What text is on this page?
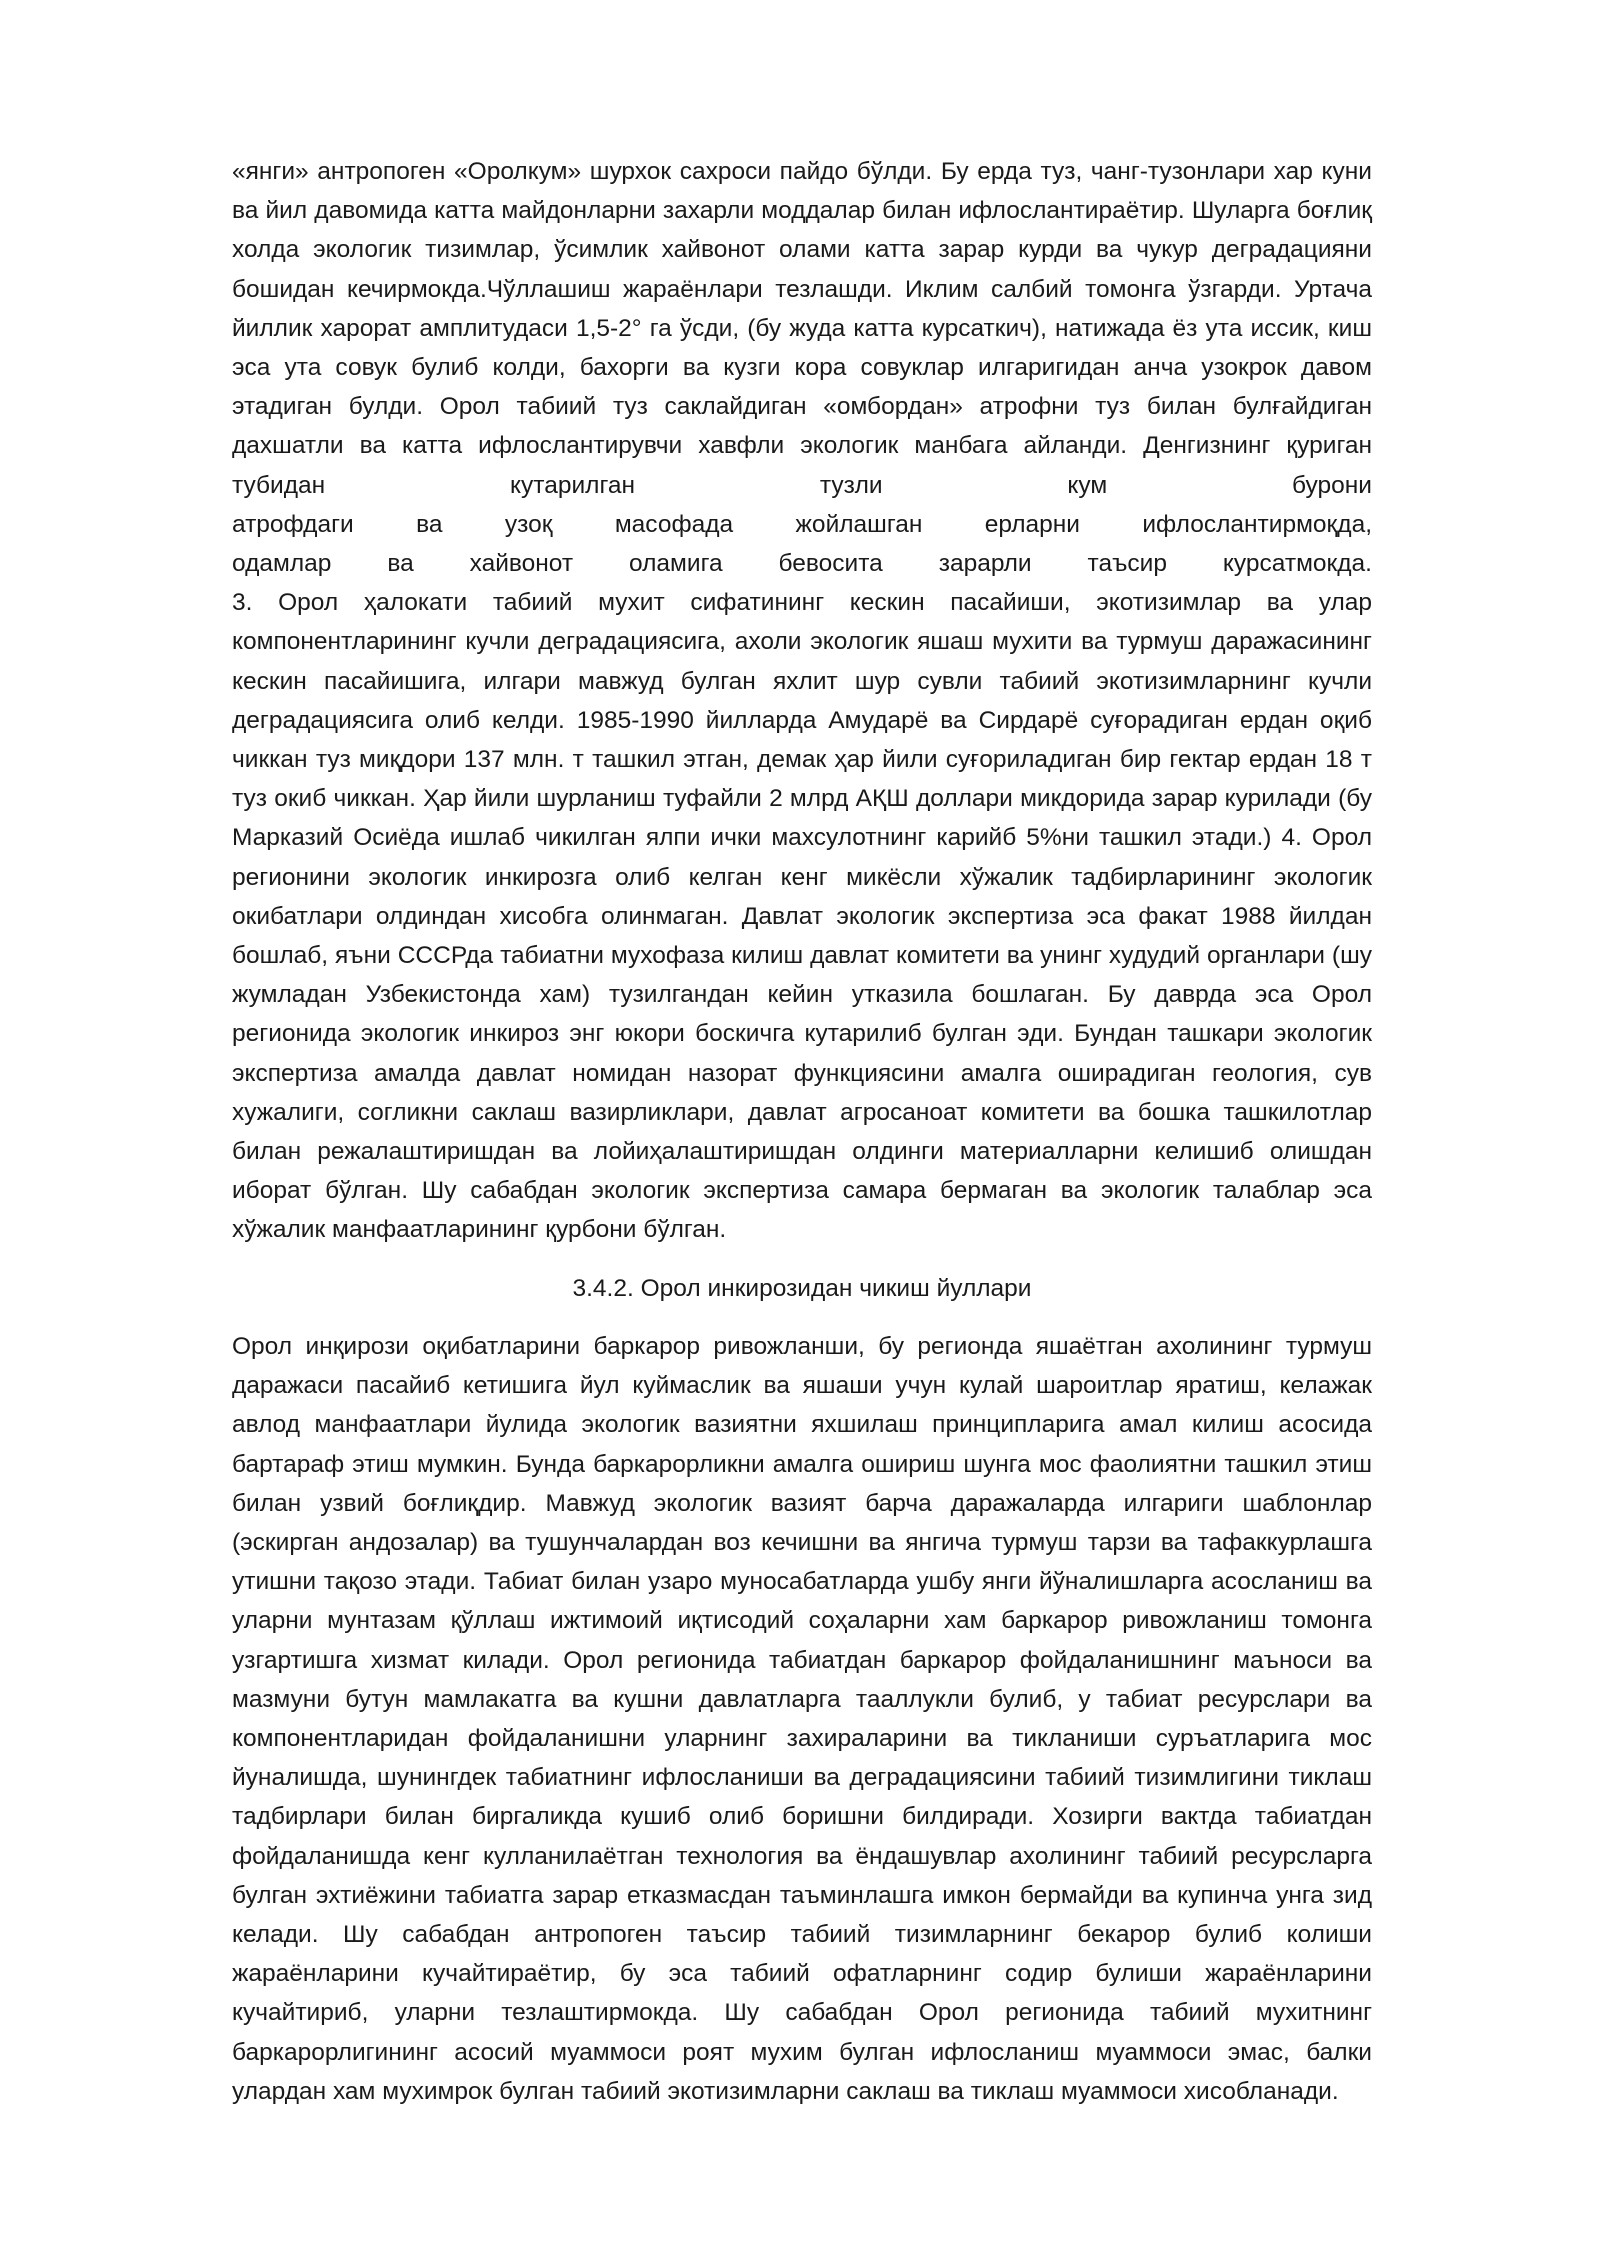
«янги» антропоген «Оролкум» шурхок сахроси пайдо бўлди. Бу ерда туз, чанг-тузонлари хар куни ва йил давомида катта майдонларни захарли моддалар билан ифлослантираётир. Шуларга боғлиқ холда экологик тизимлар, ўсимлик хайвонот олами катта зарар курди ва чукур деградацияни бошидан кечирмокда.Чўллашиш жараёнлари тезлашди. Иклим салбий томонга ўзгарди. Уртача йиллик харорат амплитудаси 1,5-2° га ўсди, (бу жуда катта курсаткич), натижада ёз ута иссик, киш эса ута совук булиб колди, бахорги ва кузги кора совуклар илгаригидан анча узокрок давом этадиган булди. Орол табиий туз саклайдиган «омбордан» атрофни туз билан булғайдиган дахшатли ва катта ифлослантирувчи хавфли экологик манбага айланди. Денгизнинг қуриган тубидан кутарилган тузли кум бурони
атрофдаги ва узоқ масофада жойлашган ерларни ифлослантирмоқда,
одамлар ва хайвонот оламига бевосита зарарли таъсир курсатмокда.
3. Орол ҳалокати табиий мухит сифатининг кескин пасайиши, экотизимлар ва улар компонентларининг кучли деградациясига, ахоли экологик яшаш мухити ва турмуш даражасининг кескин пасайишига, илгари мавжуд булган яхлит шур сувли табиий экотизимларнинг кучли деградациясига олиб келди. 1985-1990 йилларда Амударё ва Сирдарё суғорадиган ердан оқиб чиккан туз миқдори 137 млн. т ташкил этган, демак ҳар йили суғориладиган бир гектар ердан 18 т туз окиб чиккан. Ҳар йили шурланиш туфайли 2 млрд АҚШ доллари микдорида зарар курилади (бу Марказий Осиёда ишлаб чикилган ялпи ички махсулотнинг карийб 5%ни ташкил этади.) 4. Орол регионини экологик инкирозга олиб келган кенг микёсли хўжалик тадбирларининг экологик окибатлари олдиндан хисобга олинмаган. Давлат экологик экспертиза эса факат 1988 йилдан бошлаб, яъни СССРда табиатни мухофаза килиш давлат комитети ва унинг худудий органлари (шу жумладан Узбекистонда хам) тузилгандан кейин утказила бошлаган. Бу даврда эса Орол регионида экологик инкироз энг юкори боскичга кутарилиб булган эди. Бундан ташкари экологик экспертиза амалда давлат номидан назорат функциясини амалга оширадиган геология, сув хужалиги, согликни саклаш вазирликлари, давлат агросаноат комитети ва бошка ташкилотлар билан режалаштиришдан ва лойиҳалаштиришдан олдинги материалларни келишиб олишдан иборат бўлган. Шу сабабдан экологик экспертиза самара бермаган ва экологик талаблар эса хўжалик манфаатларининг қурбони бўлган.
3.4.2. Орол инкирозидан чикиш йуллари

Орол инқирози оқибатларини баркарор ривожланши, бу регионда яшаётган ахолининг турмуш даражаси пасайиб кетишига йул куймаслик ва яшаши учун кулай шароитлар яратиш, келажак авлод манфаатлари йулида экологик вазиятни яхшилаш принципларига амал килиш асосида бартараф этиш мумкин. Бунда баркарорликни амалга ошириш шунга мос фаолиятни ташкил этиш билан узвий боғлиқдир. Мавжуд экологик вазият барча даражаларда илгариги шаблонлар (эскирган андозалар) ва тушунчалардан воз кечишни ва янгича турмуш тарзи ва тафаккурлашга утишни тақозо этади. Табиат билан узаро муносабатларда ушбу янги йўналишларга асосланиш ва уларни мунтазам қўллаш ижтимоий иқтисодий соҳаларни хам баркарор ривожланиш томонга узгартишга хизмат килади. Орол регионида табиатдан баркарор фойдаланишнинг маъноси ва мазмуни бутун мамлакатга ва кушни давлатларга тааллукли булиб, у табиат ресурслари ва компонентларидан фойдаланишни уларнинг захираларини ва тикланиши суръатларига мос йуналишда, шунингдек табиатнинг ифлосланиши ва деградациясини табиий тизимлигини тиклаш тадбирлари билан биргаликда кушиб олиб боришни билдиради. Хозирги вактда табиатдан фойдаланишда кенг кулланилаётган технология ва ёндашувлар ахолининг табиий ресурсларга булган эхтиёжини табиатга зарар етказмасдан таъминлашга имкон бермайди ва купинча унга зид келади. Шу сабабдан антропоген таъсир табиий тизимларнинг бекарор булиб колиши жараёнларини кучайтираётир, бу эса табиий офатларнинг содир булиши жараёнларини кучайтириб, уларни тезлаштирмокда. Шу сабабдан Орол регионида табиий мухитнинг баркарорлигининг асосий муаммоси роят мухим булган ифлосланиш муаммоси эмас, балки улардан хам мухимрок булган табиий экотизимларни саклаш ва тиклаш муаммоси хисобланади.
